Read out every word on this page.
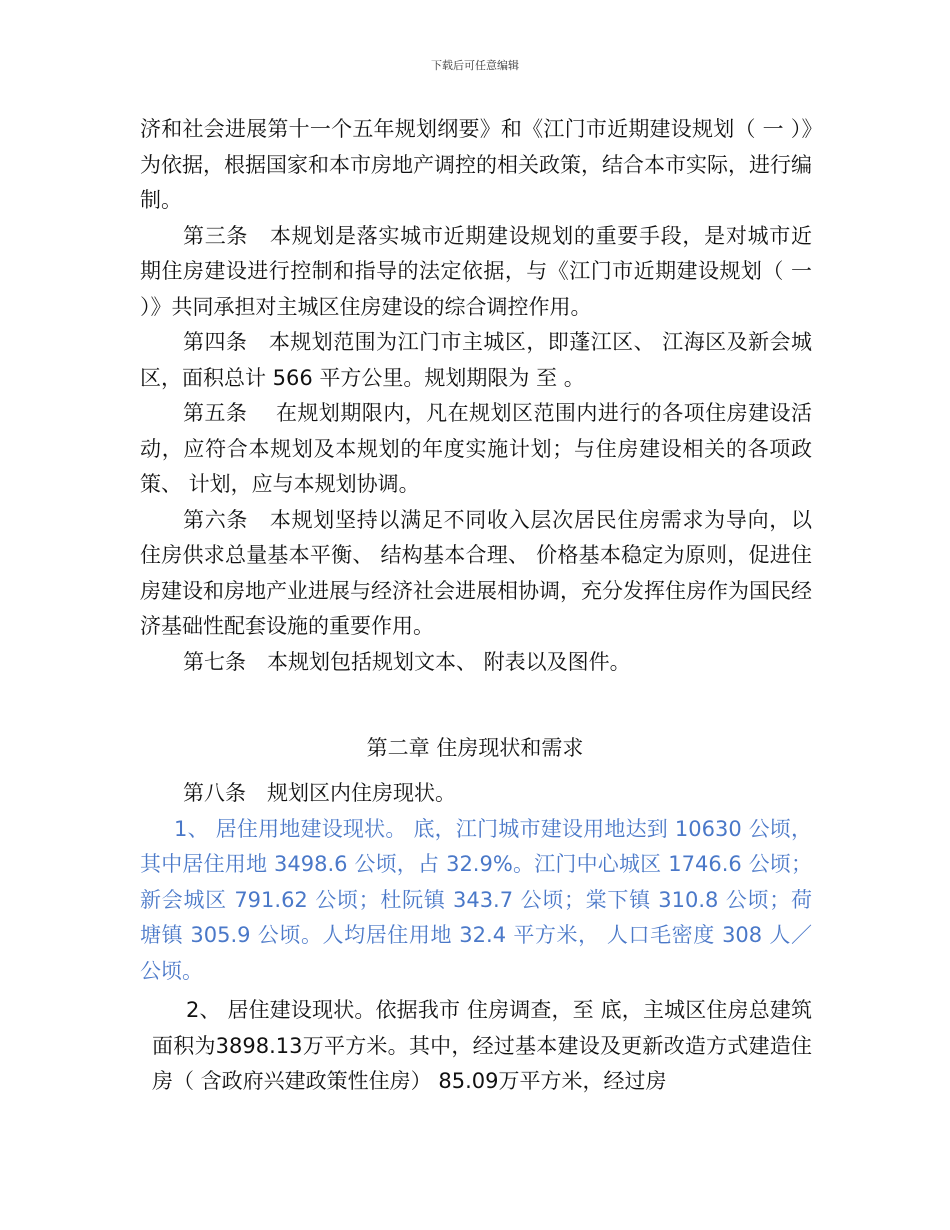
下载后可任意编辑

济和社会进展第十一个五年规划纲要》和《江门市近期建设规划（ 一 ）》为依据，根据国家和本市房地产调控的相关政策，结合本市实际，进行编制。

第三条　本规划是落实城市近期建设规划的重要手段，是对城市近期住房建设进行控制和指导的法定依据，与《江门市近期建设规划（ 一 ）》共同承担对主城区住房建设的综合调控作用。

第四条　本规划范围为江门市主城区，即蓬江区、 江海区及新会城区，面积总计 566 平方公里。规划期限为 至 。

第五条　 在规划期限内，凡在规划区范围内进行的各项住房建设活动，应符合本规划及本规划的年度实施计划；与住房建设相关的各项政策、 计划，应与本规划协调。

第六条　本规划坚持以满足不同收入层次居民住房需求为导向，以住房供求总量基本平衡、 结构基本合理、 价格基本稳定为原则，促进住房建设和房地产业进展与经济社会进展相协调，充分发挥住房作为国民经济基础性配套设施的重要作用。

第七条　本规划包括规划文本、 附表以及图件。

第二章 住房现状和需求

第八条　规划区内住房现状。

1、 居住用地建设现状。 底，江门城市建设用地达到 10630 公顷，其中居住用地 3498.6 公顷，占 32.9%。江门中心城区 1746.6 公顷；新会城区 791.62 公顷；杜阮镇 343.7 公顷；棠下镇 310.8 公顷；荷塘镇 305.9 公顷。人均居住用地 32.4 平方米， 人口毛密度 308 人／公顷。

2、 居住建设现状。依据我市 住房调查，至 底，主城区住房总建筑面积为3898.13万平方米。其中，经过基本建设及更新改造方式建造住房（ 含政府兴建政策性住房） 85.09万平方米，经过房
